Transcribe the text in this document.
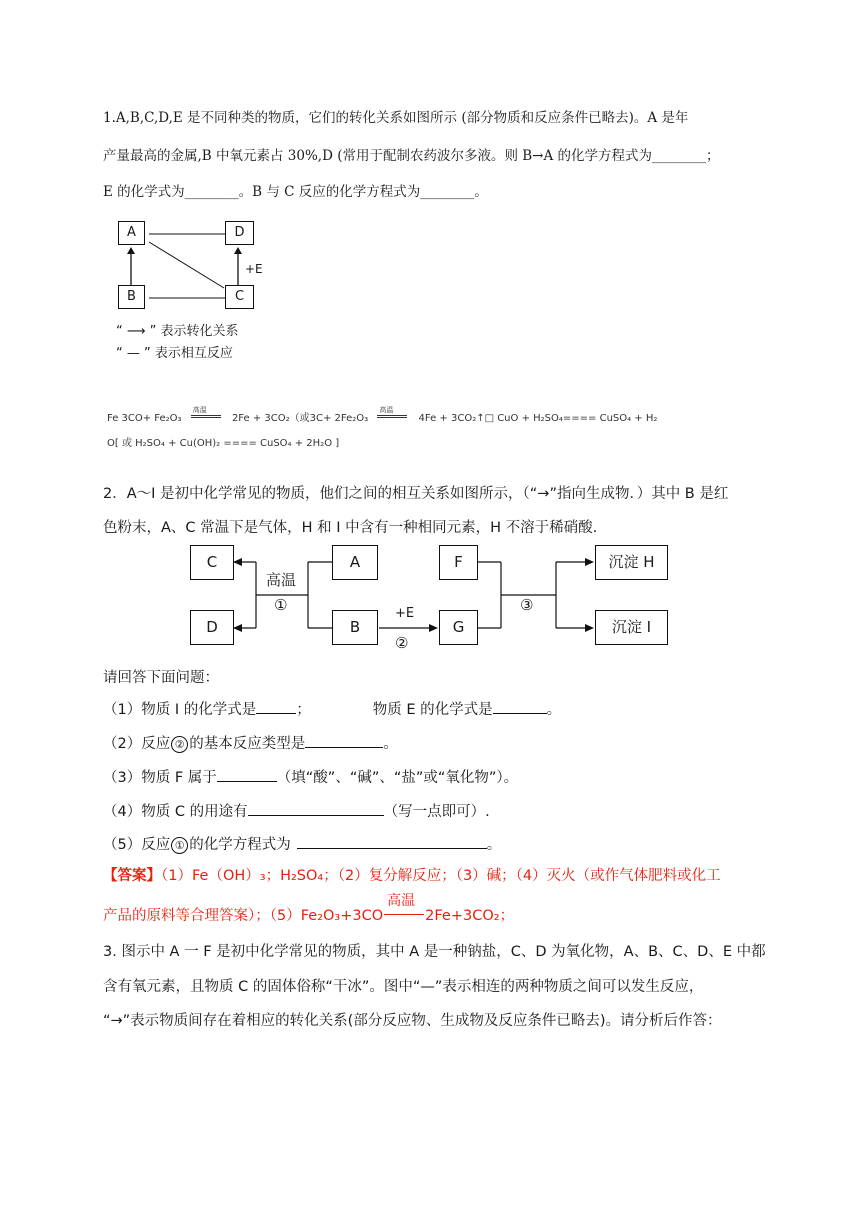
1.A,B,C,D,E 是不同种类的物质，它们的转化关系如图所示 (部分物质和反应条件已略去)。A 是年
产量最高的金属,B 中氧元素占 30%,D (常用于配制农药波尔多液。则 B→A 的化学方程式为________；
E 的化学式为________。B 与 C 反应的化学方程式为________。
A	D
B	C
+E
“ ⟶ ” 表示转化关系
“ — ” 表示相互反应
Fe 3CO+ Fe₂O₃
高温
2Fe + 3CO₂（或3C+ 2Fe₂O₃
高温
4Fe + 3CO₂↑□ CuO + H₂SO₄==== CuSO₄ + H₂
O[ 或 H₂SO₄ + Cu(OH)₂ ==== CuSO₄ + 2H₂O ]
2．A～I 是初中化学常见的物质，他们之间的相互关系如图所示，（“→”指向生成物．）其中 B 是红
色粉末，A、C 常温下是气体，H 和 I 中含有一种相同元素，H 不溶于稀硝酸.
C
D
A
B
F
G
沉淀 H
沉淀 I
高温
①	+E
②
③
请回答下面问题：
（1）物质 I 的化学式是	；	物质 E 的化学式是	。
（2）反应 ② 的基本反应类型是	。
（3）物质 F 属于	（填“酸”、“碱”、“盐”或“氧化物”）。
（4）物质 C 的用途有	（写一点即可）.
（5）反应 ① 的化学方程式为	。
【答案】（1）Fe（OH）₃；H₂SO₄；（2）复分解反应；（3）碱；（4）灭火（或作气体肥料或化工
产品的原料等合理答案）；（5）Fe₂O₃+3CO
高温
2Fe+3CO₂；
3. 图示中 A 一 F 是初中化学常见的物质，其中 A 是一种钠盐，C、D 为氧化物，A、B、C、D、E 中都
含有氧元素，且物质 C 的固体俗称“干冰”。图中“—”表示相连的两种物质之间可以发生反应，
“→”表示物质间存在着相应的转化关系(部分反应物、生成物及反应条件已略去)。请分析后作答：
